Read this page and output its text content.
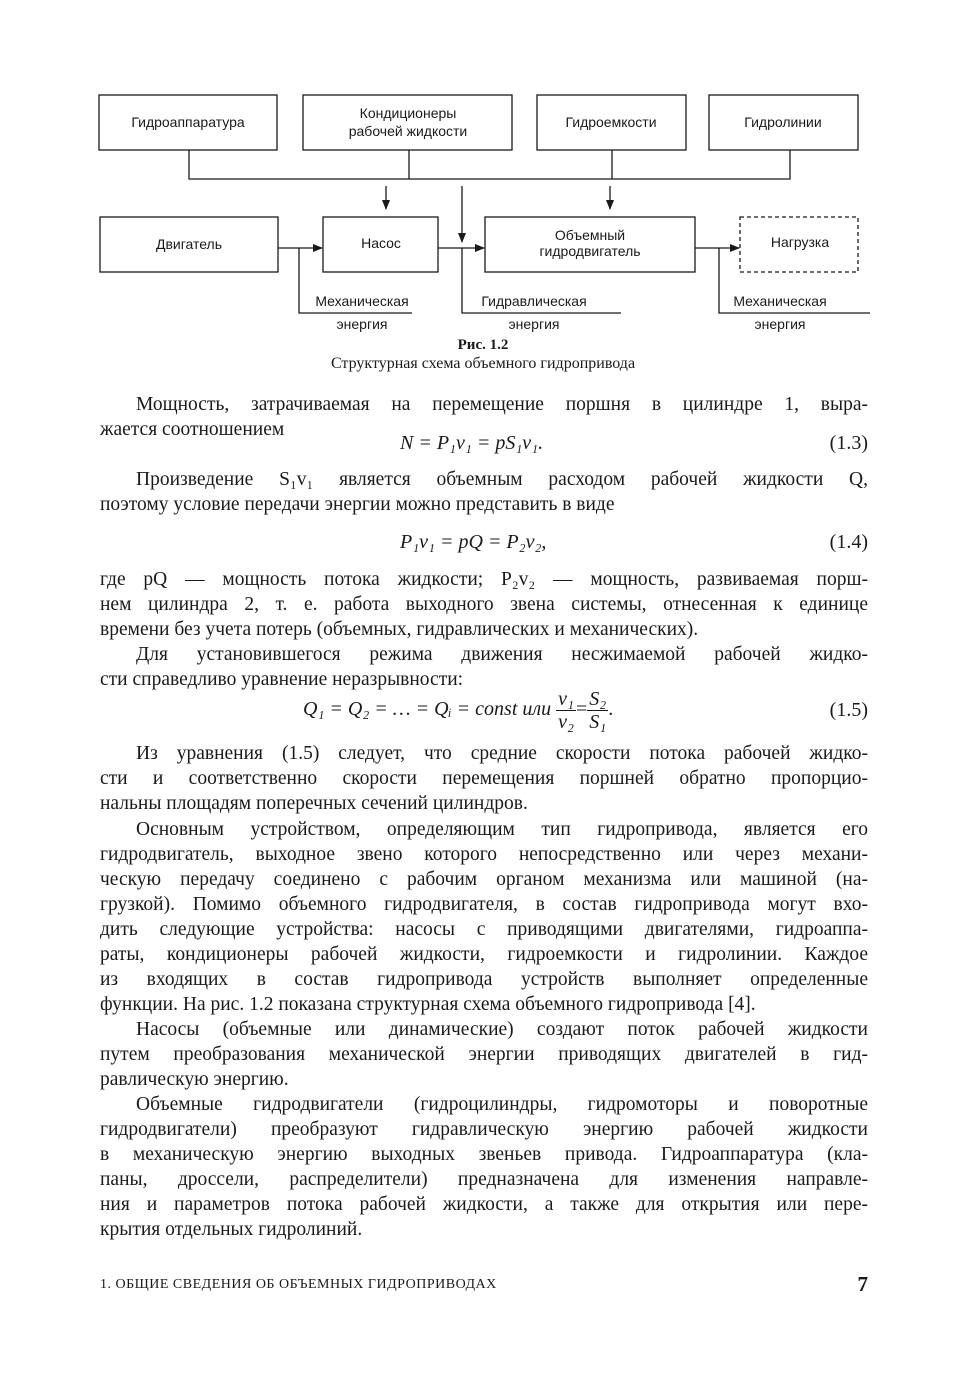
Гидроаппаратура
Кондиционеры
рабочей жидкости
Гидроемкости	Гидролинии
Двигатель	Насос	Объемный
гидродвигатель
Нагрузка
Механическая
энергия
Гидравлическая
энергия
Механическая
энергия
Рис. 1.2
Структурная схема объемного гидропривода
Мощность, затрачиваемая на перемещение поршня в цилиндре 1, выра-
жается соотношением
Произведение S₁v₁ является объемным расходом рабочей жидкости Q,
поэтому условие передачи энергии можно представить в виде
где pQ — мощность потока жидкости; P₂v₂ — мощность, развиваемая порш-
нем цилиндра 2, т. е. работа выходного звена системы, отнесенная к единице
времени без учета потерь (объемных, гидравлических и механических).
Для установившегося режима движения несжимаемой рабочей жидко-
сти справедливо уравнение неразрывности:
Из уравнения (1.5) следует, что средние скорости потока рабочей жидко-
сти и соответственно скорости перемещения поршней обратно пропорцио-
нальны площадям поперечных сечений цилиндров.
Основным устройством, определяющим тип гидропривода, является его
гидродвигатель, выходное звено которого непосредственно или через механи-
ческую передачу соединено с рабочим органом механизма или машиной (на-
грузкой). Помимо объемного гидродвигателя, в состав гидропривода могут вхо-
дить следующие устройства: насосы с приводящими двигателями, гидроаппа-
раты, кондиционеры рабочей жидкости, гидроемкости и гидролинии. Каждое
из входящих в состав гидропривода устройств выполняет определенные
функции. На рис. 1.2 показана структурная схема объемного гидропривода [4].
Насосы (объемные или динамические) создают поток рабочей жидкости
путем преобразования механической энергии приводящих двигателей в гид-
равлическую энергию.
Объемные гидродвигатели (гидроцилиндры, гидромоторы и поворотные
гидродвигатели) преобразуют гидравлическую энергию рабочей жидкости
в механическую энергию выходных звеньев привода. Гидроаппаратура (кла-
паны, дроссели, распределители) предназначена для изменения направле-
ния и параметров потока рабочей жидкости, а также для открытия или пере-
крытия отдельных гидролиний.
N = P₁v₁ = pS₁v₁.	(1.3)
P₁v₁ = pQ = P₂v₂,	(1.4)
Q₁ = Q₂ = … = Qᵢ = const или $\frac{\text{v₁}}{\text{v₂}} = \frac{\text{S₂}}{\text{S₁}}$ .	(1.5)
1. ОБЩИЕ СВЕДЕНИЯ ОБ ОБЪЕМНЫХ ГИДРОПРИВОДАХ	7
